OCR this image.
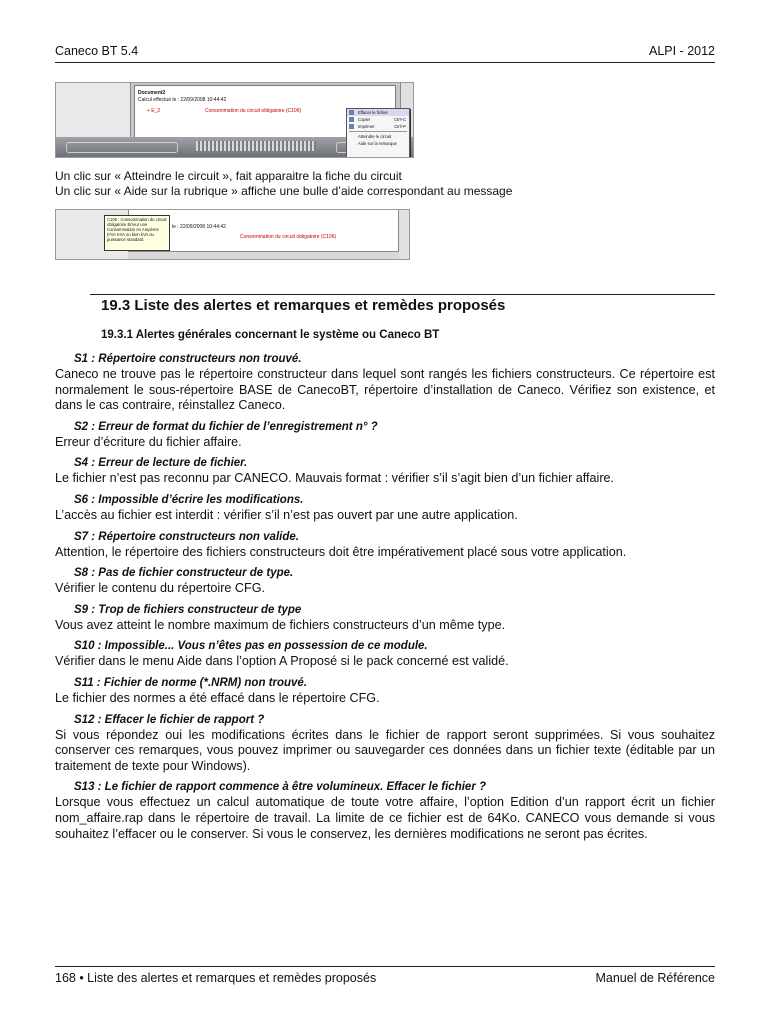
Caneco BT 5.4	ALPI - 2012
Document2
Calcul effectué le : 22/09/2008 10:44:42
+ E_2	Consommation du circuit obligatoire (C106)	Effacer le fichier
Copier	Ctrl+C
Imprimer	Ctrl+P
Atteindre le circuit
Aide sur la remarque
Un clic sur « Atteindre le circuit », fait apparaitre la fiche du circuit
Un clic sur « Aide sur la rubrique » affiche une bulle d’aide correspondant au message
le : 22/09/2008 10:44:42
Consommation du circuit obligatoire (C106)
C106 : Consommation du circuit obligatoire Erreur une Consommation en Ampères (I*en KVA ou bien kVA ou puissance standard.
19.3 Liste des alertes et remarques et remèdes proposés
19.3.1 Alertes générales concernant le système ou Caneco BT
S1 : Répertoire constructeurs non trouvé.
Caneco ne trouve pas le répertoire constructeur dans lequel sont rangés les fichiers constructeurs. Ce répertoire est normalement le sous-répertoire BASE de CanecoBT, répertoire d’installation de Caneco. Vérifiez son existence, et dans le cas contraire, réinstallez Caneco.
S2 : Erreur de format du fichier de l’enregistrement n° ?
Erreur d’écriture du fichier affaire.
S4 : Erreur de lecture de fichier.
Le fichier n’est pas reconnu par CANECO. Mauvais format : vérifier s’il s’agit bien d’un fichier affaire.
S6 : Impossible d’écrire les modifications.
L’accès au fichier est interdit : vérifier s’il n’est pas ouvert par une autre application.
S7 : Répertoire constructeurs non valide.
Attention, le répertoire des fichiers constructeurs doit être impérativement placé sous votre application.
S8 : Pas de fichier constructeur de type.
Vérifier le contenu du répertoire CFG.
S9 : Trop de fichiers constructeur de type
Vous avez atteint le nombre maximum de fichiers constructeurs d’un même type.
S10 : Impossible... Vous n’êtes pas en possession de ce module.
Vérifier dans le menu Aide dans l’option A Proposé si le pack concerné est validé.
S11 : Fichier de norme (*.NRM) non trouvé.
Le fichier des normes a été effacé dans le répertoire CFG.
S12 : Effacer le fichier de rapport ?
Si vous répondez oui les modifications écrites dans le fichier de rapport seront supprimées. Si vous souhaitez conserver ces remarques, vous pouvez imprimer ou sauvegarder ces données dans un fichier texte (éditable par un traitement de texte pour Windows).
S13 : Le fichier de rapport commence à être volumineux. Effacer le fichier ?
Lorsque vous effectuez un calcul automatique de toute votre affaire, l’option Edition d’un rapport écrit un fichier nom_affaire.rap dans le répertoire de travail. La limite de ce fichier est de 64Ko. CANECO vous demande si vous souhaitez l’effacer ou le conserver. Si vous le conservez, les dernières modifications ne seront pas écrites.
168 • Liste des alertes et remarques et remèdes proposés	Manuel de Référence
